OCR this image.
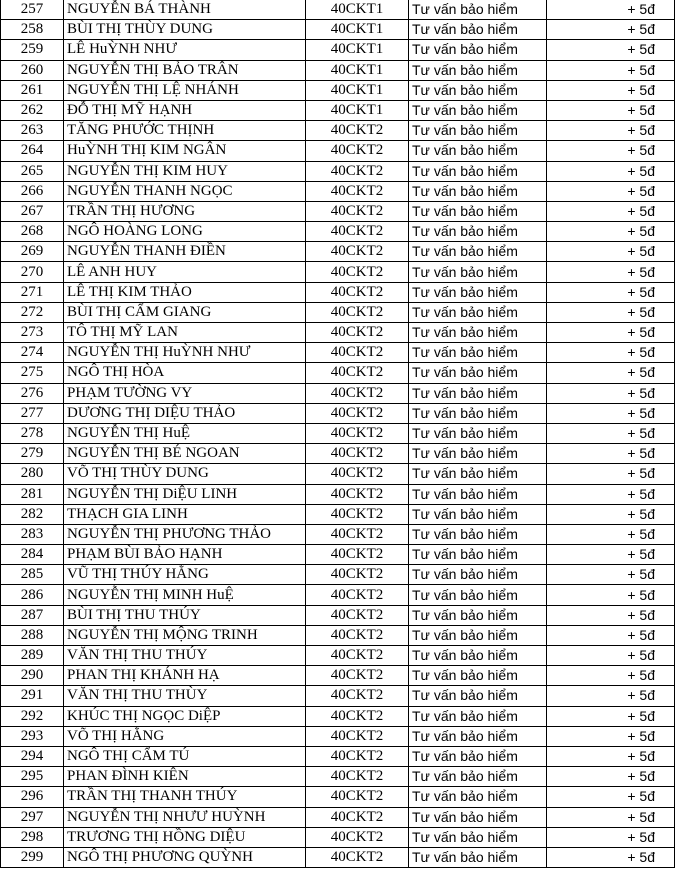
257	NGUYỄN BÁ THÀNH	40CKT1	Tư vấn bảo hiểm	+ 5đ
258	BÙI THỊ THÙY DUNG	40CKT1	Tư vấn bảo hiểm	+ 5đ
259	LÊ HuỲNH NHƯ	40CKT1	Tư vấn bảo hiểm	+ 5đ
260	NGUYỄN THỊ BẢO TRÂN	40CKT1	Tư vấn bảo hiểm	+ 5đ
261	NGUYỄN THỊ LỆ NHÁNH	40CKT1	Tư vấn bảo hiểm	+ 5đ
262	ĐỖ THỊ MỸ HẠNH	40CKT1	Tư vấn bảo hiểm	+ 5đ
263	TĂNG PHƯỚC THỊNH	40CKT2	Tư vấn bảo hiểm	+ 5đ
264	HuỲNH THỊ KIM NGÂN	40CKT2	Tư vấn bảo hiểm	+ 5đ
265	NGUYỄN THỊ KIM HUY	40CKT2	Tư vấn bảo hiểm	+ 5đ
266	NGUYỄN THANH NGỌC	40CKT2	Tư vấn bảo hiểm	+ 5đ
267	TRẦN THỊ HƯƠNG	40CKT2	Tư vấn bảo hiểm	+ 5đ
268	NGÔ HOÀNG LONG	40CKT2	Tư vấn bảo hiểm	+ 5đ
269	NGUYỄN THANH ĐIỀN	40CKT2	Tư vấn bảo hiểm	+ 5đ
270	LÊ ANH HUY	40CKT2	Tư vấn bảo hiểm	+ 5đ
271	LÊ THỊ KIM THẢO	40CKT2	Tư vấn bảo hiểm	+ 5đ
272	BÙI THỊ CẨM GIANG	40CKT2	Tư vấn bảo hiểm	+ 5đ
273	TÔ THỊ MỸ LAN	40CKT2	Tư vấn bảo hiểm	+ 5đ
274	NGUYỄN THỊ HuỲNH NHƯ	40CKT2	Tư vấn bảo hiểm	+ 5đ
275	NGÔ THỊ HÒA	40CKT2	Tư vấn bảo hiểm	+ 5đ
276	PHẠM TƯỜNG VY	40CKT2	Tư vấn bảo hiểm	+ 5đ
277	DƯƠNG THỊ DIỆU THẢO	40CKT2	Tư vấn bảo hiểm	+ 5đ
278	NGUYỄN THỊ HuỆ	40CKT2	Tư vấn bảo hiểm	+ 5đ
279	NGUYỄN THỊ BÉ NGOAN	40CKT2	Tư vấn bảo hiểm	+ 5đ
280	VÕ THỊ THÙY DUNG	40CKT2	Tư vấn bảo hiểm	+ 5đ
281	NGUYỄN THỊ DiỆU LINH	40CKT2	Tư vấn bảo hiểm	+ 5đ
282	THẠCH GIA LINH	40CKT2	Tư vấn bảo hiểm	+ 5đ
283	NGUYỄN THỊ PHƯƠNG THẢO	40CKT2	Tư vấn bảo hiểm	+ 5đ
284	PHẠM BÙI BẢO HẠNH	40CKT2	Tư vấn bảo hiểm	+ 5đ
285	VŨ THỊ THÚY HẰNG	40CKT2	Tư vấn bảo hiểm	+ 5đ
286	NGUYỄN THỊ MINH HuỆ	40CKT2	Tư vấn bảo hiểm	+ 5đ
287	BÙI THỊ THU THÚY	40CKT2	Tư vấn bảo hiểm	+ 5đ
288	NGUYỄN THỊ MỘNG TRINH	40CKT2	Tư vấn bảo hiểm	+ 5đ
289	VĂN THỊ THU THÚY	40CKT2	Tư vấn bảo hiểm	+ 5đ
290	PHAN THỊ KHÁNH HẠ	40CKT2	Tư vấn bảo hiểm	+ 5đ
291	VĂN THỊ THU THÙY	40CKT2	Tư vấn bảo hiểm	+ 5đ
292	KHÚC THỊ NGỌC DiỆP	40CKT2	Tư vấn bảo hiểm	+ 5đ
293	VÕ THỊ HẰNG	40CKT2	Tư vấn bảo hiểm	+ 5đ
294	NGÔ THỊ CẨM TÚ	40CKT2	Tư vấn bảo hiểm	+ 5đ
295	PHAN ĐÌNH KIÊN	40CKT2	Tư vấn bảo hiểm	+ 5đ
296	TRẦN THỊ THANH THÚY	40CKT2	Tư vấn bảo hiểm	+ 5đ
297	NGUYỄN THỊ NHƯƯ HUỲNH	40CKT2	Tư vấn bảo hiểm	+ 5đ
298	TRƯƠNG THỊ HỒNG DIỆU	40CKT2	Tư vấn bảo hiểm	+ 5đ
299	NGÔ THỊ PHƯƠNG QUỲNH	40CKT2	Tư vấn bảo hiểm	+ 5đ
